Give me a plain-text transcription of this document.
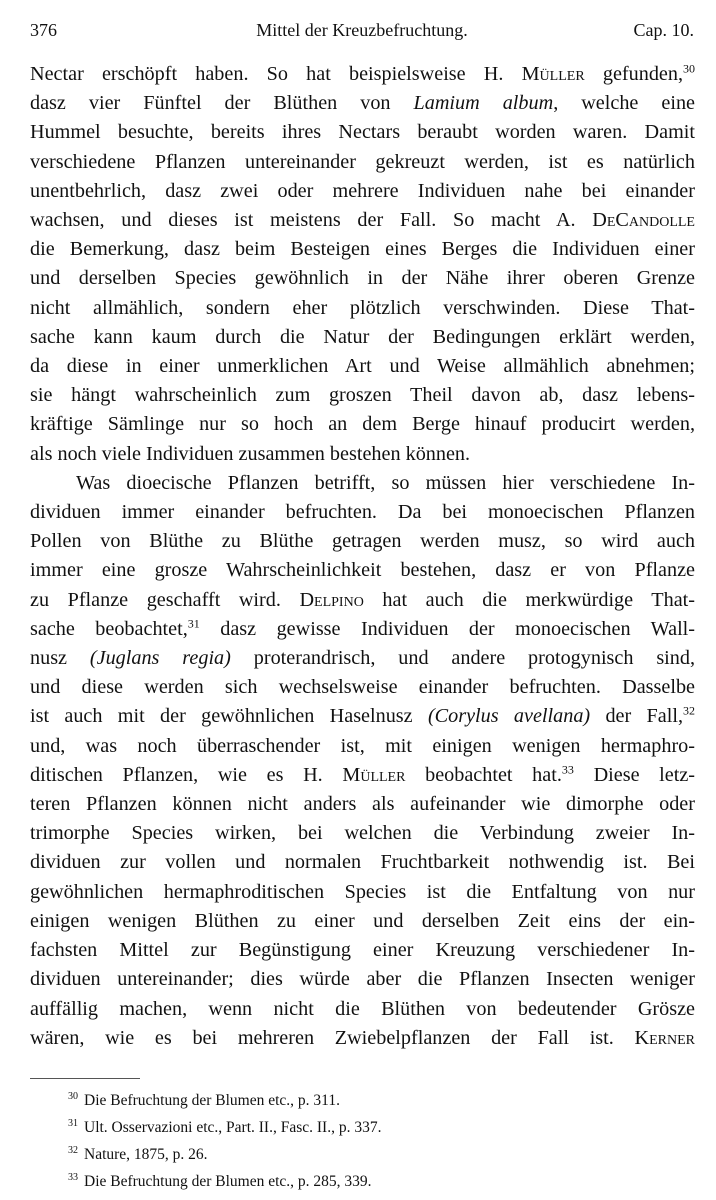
376	Mittel der Kreuzbefruchtung.	Cap. 10.
Nectar erschöpft haben. So hat beispielsweise H. Müller gefunden,$^{30}$
dasz vier Fünftel der Blüthen von Lamium album, welche eine
Hummel besuchte, bereits ihres Nectars beraubt worden waren. Damit
verschiedene Pflanzen untereinander gekreuzt werden, ist es natürlich
unentbehrlich, dasz zwei oder mehrere Individuen nahe bei einander
wachsen, und dieses ist meistens der Fall. So macht A. DeCandolle
die Bemerkung, dasz beim Besteigen eines Berges die Individuen einer
und derselben Species gewöhnlich in der Nähe ihrer oberen Grenze
nicht allmählich, sondern eher plötzlich verschwinden. Diese That-
sache kann kaum durch die Natur der Bedingungen erklärt werden,
da diese in einer unmerklichen Art und Weise allmählich abnehmen;
sie hängt wahrscheinlich zum groszen Theil davon ab, dasz lebens-
kräftige Sämlinge nur so hoch an dem Berge hinauf producirt werden,
als noch viele Individuen zusammen bestehen können.
Was dioecische Pflanzen betrifft, so müssen hier verschiedene In-
dividuen immer einander befruchten. Da bei monoecischen Pflanzen
Pollen von Blüthe zu Blüthe getragen werden musz, so wird auch
immer eine grosze Wahrscheinlichkeit bestehen, dasz er von Pflanze
zu Pflanze geschafft wird. Delpino hat auch die merkwürdige That-
sache beobachtet,$^{31}$ dasz gewisse Individuen der monoecischen Wall-
nusz (Juglans regia) proterandrisch, und andere protogynisch sind,
und diese werden sich wechselsweise einander befruchten. Dasselbe
ist auch mit der gewöhnlichen Haselnusz (Corylus avellana) der Fall,$^{32}$
und, was noch überraschender ist, mit einigen wenigen hermaphro-
ditischen Pflanzen, wie es H. Müller beobachtet hat.$^{33}$ Diese letz-
teren Pflanzen können nicht anders als aufeinander wie dimorphe oder
trimorphe Species wirken, bei welchen die Verbindung zweier In-
dividuen zur vollen und normalen Fruchtbarkeit nothwendig ist. Bei
gewöhnlichen hermaphroditischen Species ist die Entfaltung von nur
einigen wenigen Blüthen zu einer und derselben Zeit eins der ein-
fachsten Mittel zur Begünstigung einer Kreuzung verschiedener In-
dividuen untereinander; dies würde aber die Pflanzen Insecten weniger
auffällig machen, wenn nicht die Blüthen von bedeutender Grösze
wären, wie es bei mehreren Zwiebelpflanzen der Fall ist. Kerner
$^{30}$ Die Befruchtung der Blumen etc., p. 311.
$^{31}$ Ult. Osservazioni etc., Part. II., Fasc. II., p. 337.
$^{32}$ Nature, 1875, p. 26.
$^{33}$ Die Befruchtung der Blumen etc., p. 285, 339.
